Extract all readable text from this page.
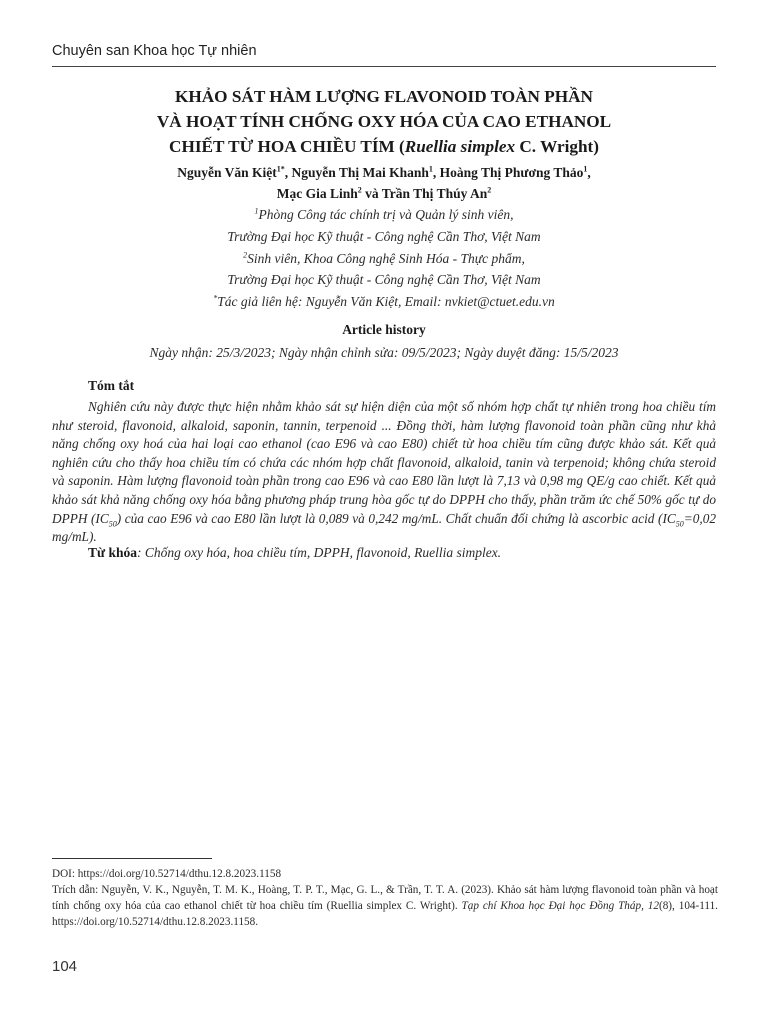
Chuyên san Khoa học Tự nhiên
KHẢO SÁT HÀM LƯỢNG FLAVONOID TOÀN PHẦN
VÀ HOẠT TÍNH CHỐNG OXY HÓA CỦA CAO ETHANOL
CHIẾT TỪ HOA CHIỀU TÍM (Ruellia simplex C. Wright)
Nguyễn Văn Kiệt$^{1*}$, Nguyễn Thị Mai Khanh$^1$, Hoàng Thị Phương Thảo$^1$,
Mạc Gia Linh$^2$ và Trần Thị Thúy An$^2$
$^1$Phòng Công tác chính trị và Quản lý sinh viên,
Trường Đại học Kỹ thuật - Công nghệ Cần Thơ, Việt Nam
$^2$Sinh viên, Khoa Công nghệ Sinh Hóa - Thực phẩm,
Trường Đại học Kỹ thuật - Công nghệ Cần Thơ, Việt Nam
*Tác giả liên hệ: Nguyễn Văn Kiệt, Email: nvkiet@ctuet.edu.vn
Article history
Ngày nhận: 25/3/2023; Ngày nhận chỉnh sửa: 09/5/2023; Ngày duyệt đăng: 15/5/2023
Tóm tắt
Nghiên cứu này được thực hiện nhằm khảo sát sự hiện diện của một số nhóm hợp chất tự nhiên trong hoa chiều tím như steroid, flavonoid, alkaloid, saponin, tannin, terpenoid ... Đồng thời, hàm lượng flavonoid toàn phần cũng như khả năng chống oxy hoá của hai loại cao ethanol (cao E96 và cao E80) chiết từ hoa chiều tím cũng được khảo sát. Kết quả nghiên cứu cho thấy hoa chiều tím có chứa các nhóm hợp chất flavonoid, alkaloid, tanin và terpenoid; không chứa steroid và saponin. Hàm lượng flavonoid toàn phần trong cao E96 và cao E80 lần lượt là 7,13 và 0,98 mg QE/g cao chiết. Kết quả khảo sát khả năng chống oxy hóa bằng phương pháp trung hòa gốc tự do DPPH cho thấy, phần trăm ức chế 50% gốc tự do DPPH $(IC_{50})$ của cao E96 và cao E80 lần lượt là 0,089 và 0,242 mg/mL. Chất chuẩn đối chứng là ascorbic acid ($IC_{50}=0,02$ mg/mL).
Từ khóa: Chống oxy hóa, hoa chiều tím, DPPH, flavonoid, Ruellia simplex.
DOI: https://doi.org/10.52714/dthu.12.8.2023.1158
Trích dẫn: Nguyễn, V. K., Nguyễn, T. M. K., Hoàng, T. P. T., Mạc, G. L., & Trần, T. T. A. (2023). Khảo sát hàm lượng flavonoid toàn phần và hoạt tính chống oxy hóa của cao ethanol chiết từ hoa chiều tím (Ruellia simplex C. Wright). Tạp chí Khoa học Đại học Đồng Tháp, 12(8), 104-111. https://doi.org/10.52714/dthu.12.8.2023.1158.
104
